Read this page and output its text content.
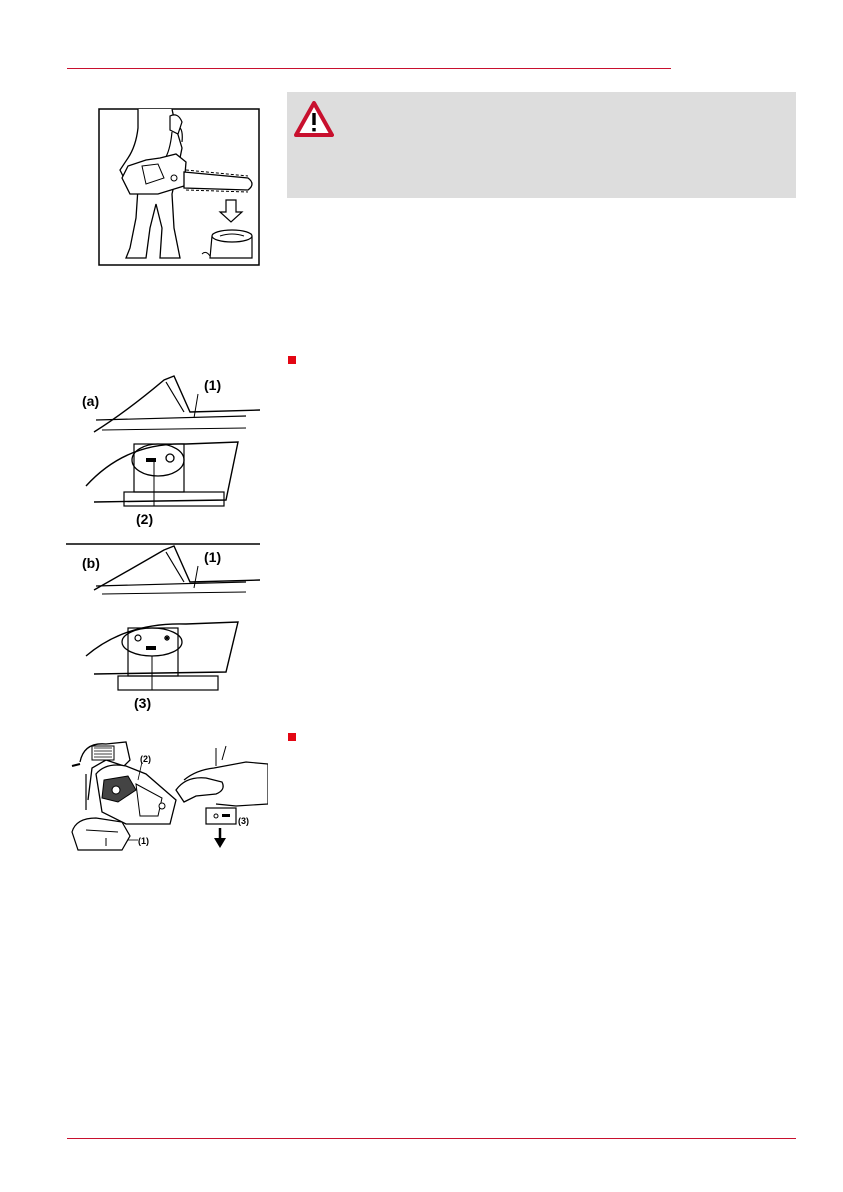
(a)
(1)
(2)
(b)	(1)
(3)
(2)
(1)
(3)
